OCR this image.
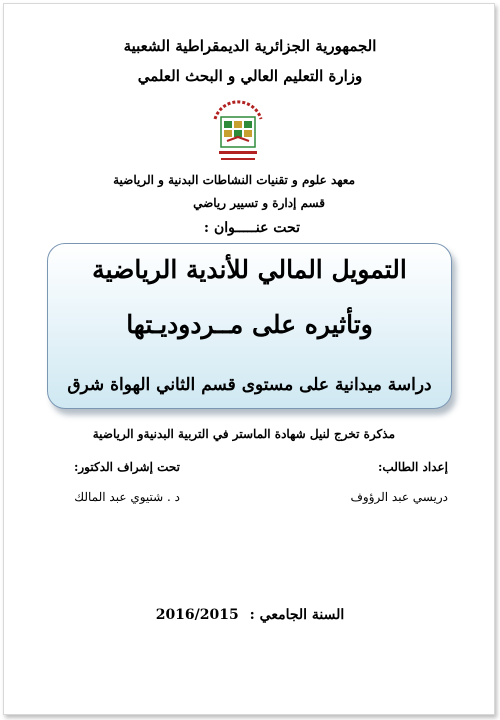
الجمهورية الجزائرية الديمقراطية الشعبية
وزارة التعليم العالي و البحث العلمي
معهد علوم و تقنيات النشاطات البدنية و الرياضية
قسم إدارة و تسيير رياضي
تحت عنـــــوان :
التمويل المالي للأندية الرياضية
وتأثيره على مــردوديـتها
دراسة ميدانية على مستوى قسم الثاني الهواة شرق
مذكرة تخرج لنيل شهادة الماستر في التربية البدنيةو الرياضية
إعداد الطالب:
تحت إشراف الدكتور:
دريسي عبد الرؤوف
د . شتيوي عبد المالك
السنة الجامعي : 2016/2015
